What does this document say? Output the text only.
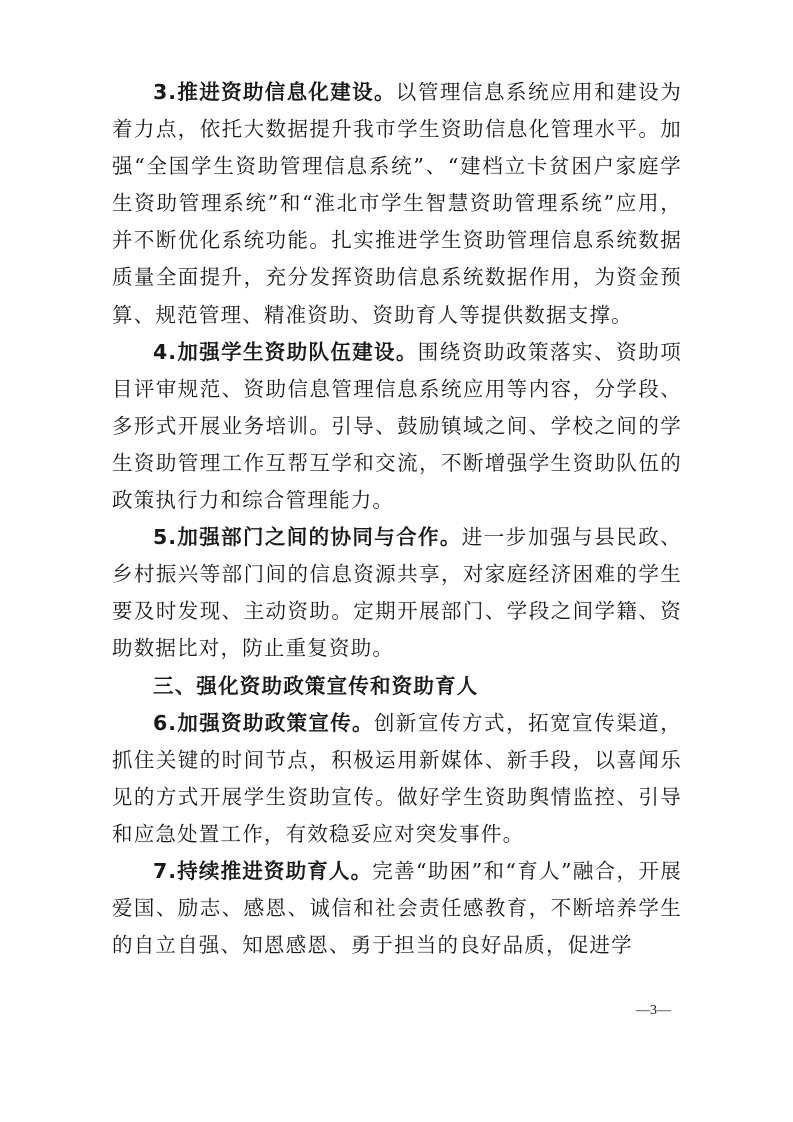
3.推进资助信息化建设。以管理信息系统应用和建设为着力点，依托大数据提升我市学生资助信息化管理水平。加强“全国学生资助管理信息系统”、“建档立卡贫困户家庭学生资助管理系统”和“淮北市学生智慧资助管理系统”应用，并不断优化系统功能。扎实推进学生资助管理信息系统数据质量全面提升，充分发挥资助信息系统数据作用，为资金预算、规范管理、精准资助、资助育人等提供数据支撑。

4.加强学生资助队伍建设。围绕资助政策落实、资助项目评审规范、资助信息管理信息系统应用等内容，分学段、多形式开展业务培训。引导、鼓励镇域之间、学校之间的学生资助管理工作互帮互学和交流，不断增强学生资助队伍的政策执行力和综合管理能力。

5.加强部门之间的协同与合作。进一步加强与县民政、乡村振兴等部门间的信息资源共享，对家庭经济困难的学生要及时发现、主动资助。定期开展部门、学段之间学籍、资助数据比对，防止重复资助。

三、强化资助政策宣传和资助育人

6.加强资助政策宣传。创新宣传方式，拓宽宣传渠道，抓住关键的时间节点，积极运用新媒体、新手段，以喜闻乐见的方式开展学生资助宣传。做好学生资助舆情监控、引导和应急处置工作，有效稳妥应对突发事件。

7.持续推进资助育人。完善“助困”和“育人”融合，开展爱国、励志、感恩、诚信和社会责任感教育，不断培养学生的自立自强、知恩感恩、勇于担当的良好品质，促进学

—3—
